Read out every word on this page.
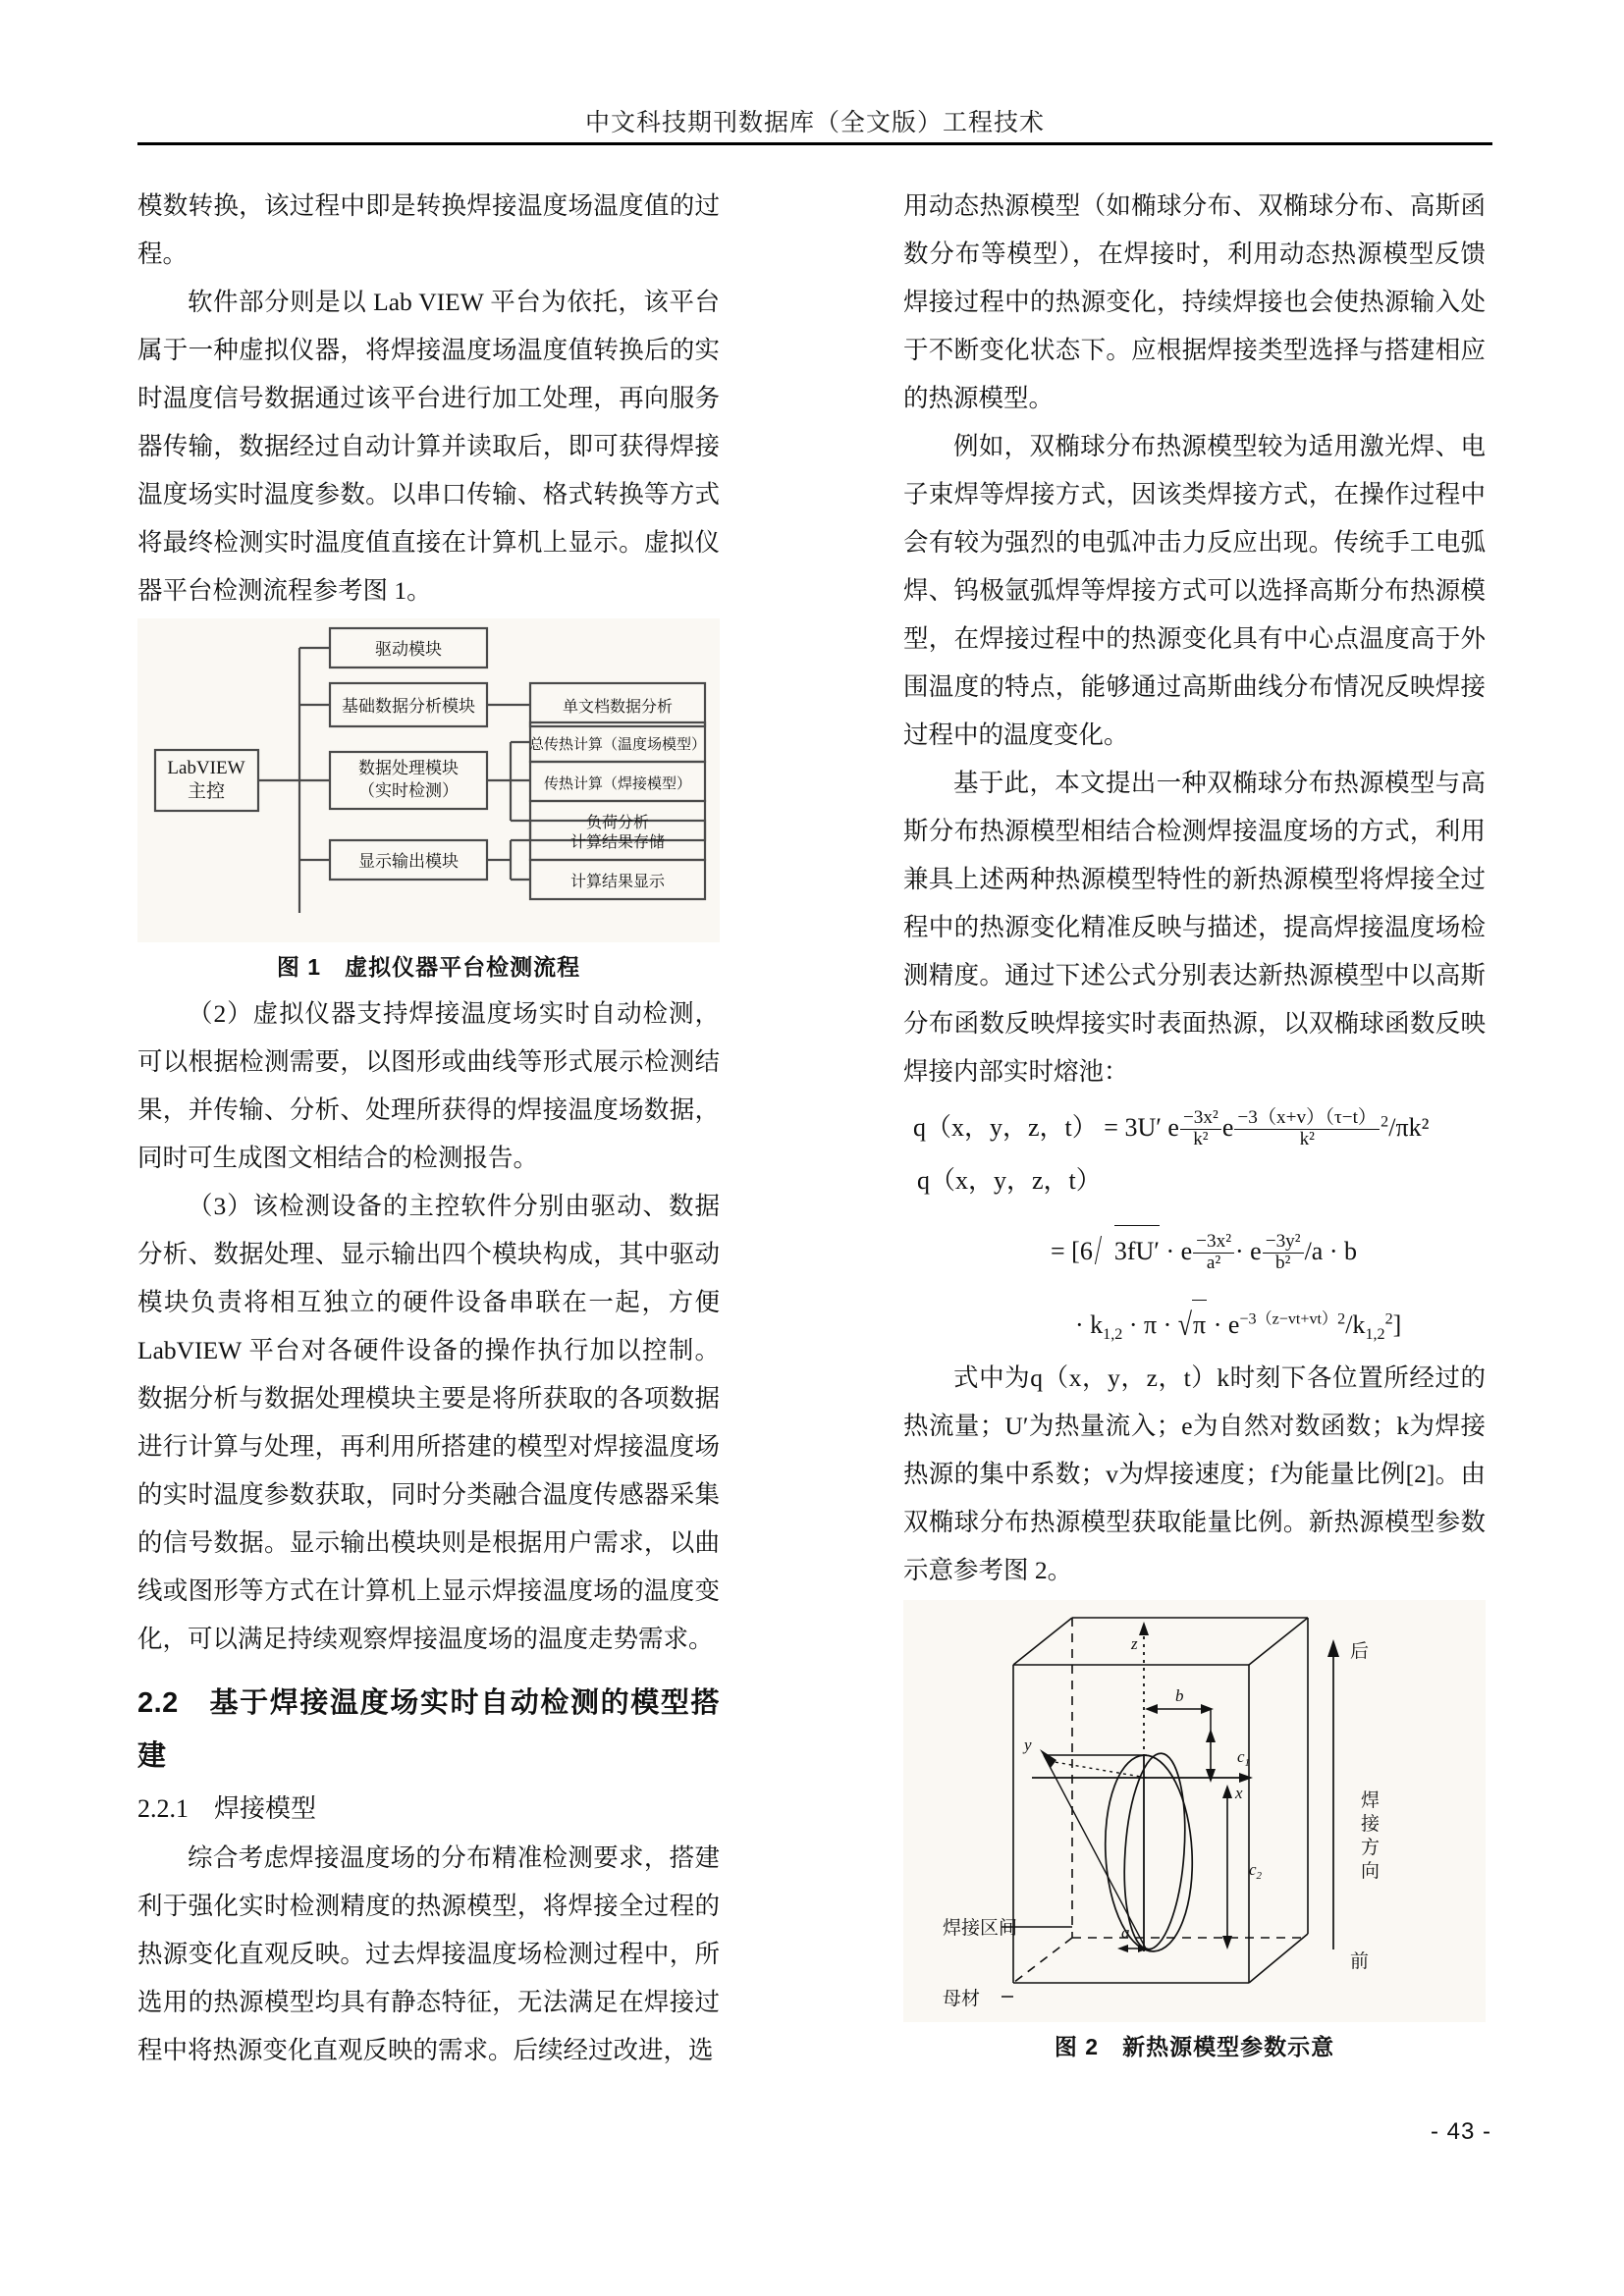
中文科技期刊数据库（全文版）工程技术

模数转换，该过程中即是转换焊接温度场温度值的过程。

软件部分则是以 Lab VIEW 平台为依托，该平台属于一种虚拟仪器，将焊接温度场温度值转换后的实时温度信号数据通过该平台进行加工处理，再向服务器传输，数据经过自动计算并读取后，即可获得焊接温度场实时温度参数。以串口传输、格式转换等方式将最终检测实时温度值直接在计算机上显示。虚拟仪器平台检测流程参考图 1。

LabVIEW
主控
驱动模块
基础数据分析模块
数据处理模块
（实时检测）
显示输出模块
单文档数据分析
总传热计算（温度场模型）
传热计算（焊接模型）
负荷分析
计算结果存储
计算结果显示
图 1　虚拟仪器平台检测流程

（2）虚拟仪器支持焊接温度场实时自动检测，可以根据检测需要，以图形或曲线等形式展示检测结果，并传输、分析、处理所获得的焊接温度场数据，同时可生成图文相结合的检测报告。

（3）该检测设备的主控软件分别由驱动、数据分析、数据处理、显示输出四个模块构成，其中驱动模块负责将相互独立的硬件设备串联在一起，方便 LabVIEW 平台对各硬件设备的操作执行加以控制。数据分析与数据处理模块主要是将所获取的各项数据进行计算与处理，再利用所搭建的模型对焊接温度场的实时温度参数获取，同时分类融合温度传感器采集的信号数据。显示输出模块则是根据用户需求，以曲线或图形等方式在计算机上显示焊接温度场的温度变化，可以满足持续观察焊接温度场的温度走势需求。

2.2　基于焊接温度场实时自动检测的模型搭建
2.2.1　焊接模型

综合考虑焊接温度场的分布精准检测要求，搭建利于强化实时检测精度的热源模型，将焊接全过程的热源变化直观反映。过去焊接温度场检测过程中，所选用的热源模型均具有静态特征，无法满足在焊接过程中将热源变化直观反映的需求。后续经过改进，选

用动态热源模型（如椭球分布、双椭球分布、高斯函数分布等模型），在焊接时，利用动态热源模型反馈焊接过程中的热源变化，持续焊接也会使热源输入处于不断变化状态下。应根据焊接类型选择与搭建相应的热源模型。

例如，双椭球分布热源模型较为适用激光焊、电子束焊等焊接方式，因该类焊接方式，在操作过程中会有较为强烈的电弧冲击力反应出现。传统手工电弧焊、钨极氩弧焊等焊接方式可以选择高斯分布热源模型，在焊接过程中的热源变化具有中心点温度高于外围温度的特点，能够通过高斯曲线分布情况反映焊接过程中的温度变化。

基于此，本文提出一种双椭球分布热源模型与高斯分布热源模型相结合检测焊接温度场的方式，利用兼具上述两种热源模型特性的新热源模型将焊接全过程中的热源变化精准反映与描述，提高焊接温度场检测精度。通过下述公式分别表达新热源模型中以高斯分布函数反映焊接实时表面热源，以双椭球函数反映焊接内部实时熔池：

q（x，y，z，t） = 3U′ e $\frac{\text{−3x²}}{\text{k²}}$ e $\frac{-3(x+v)(\tau-t)}{\text{k²}} ^2/\pi k^2$
q（x，y，z，t）
= [6 3fU′ · e $\frac{\text{−3x²}}{\text{a²}} \cdot e \frac{\text{−3y²}}{\text{b²}} /a \cdot b$
· $k_{1,2} \cdot \pi \cdot √\pi \cdot e^{-3(z-vt+vt)2}/k_{1,2}^2$]

式中为q（x，y，z，t）k时刻下各位置所经过的热流量；U′为热量流入；e为自然对数函数；k为焊接热源的集中系数；v为焊接速度；f为能量比例[2]。由双椭球分布热源模型获取能量比例。新热源模型参数示意参考图 2。

z
y
x
b
$c_1$
$c_2$
a
后
前
焊接区间
母材
焊
接
方
向
图 2　新热源模型参数示意
- 43 -
